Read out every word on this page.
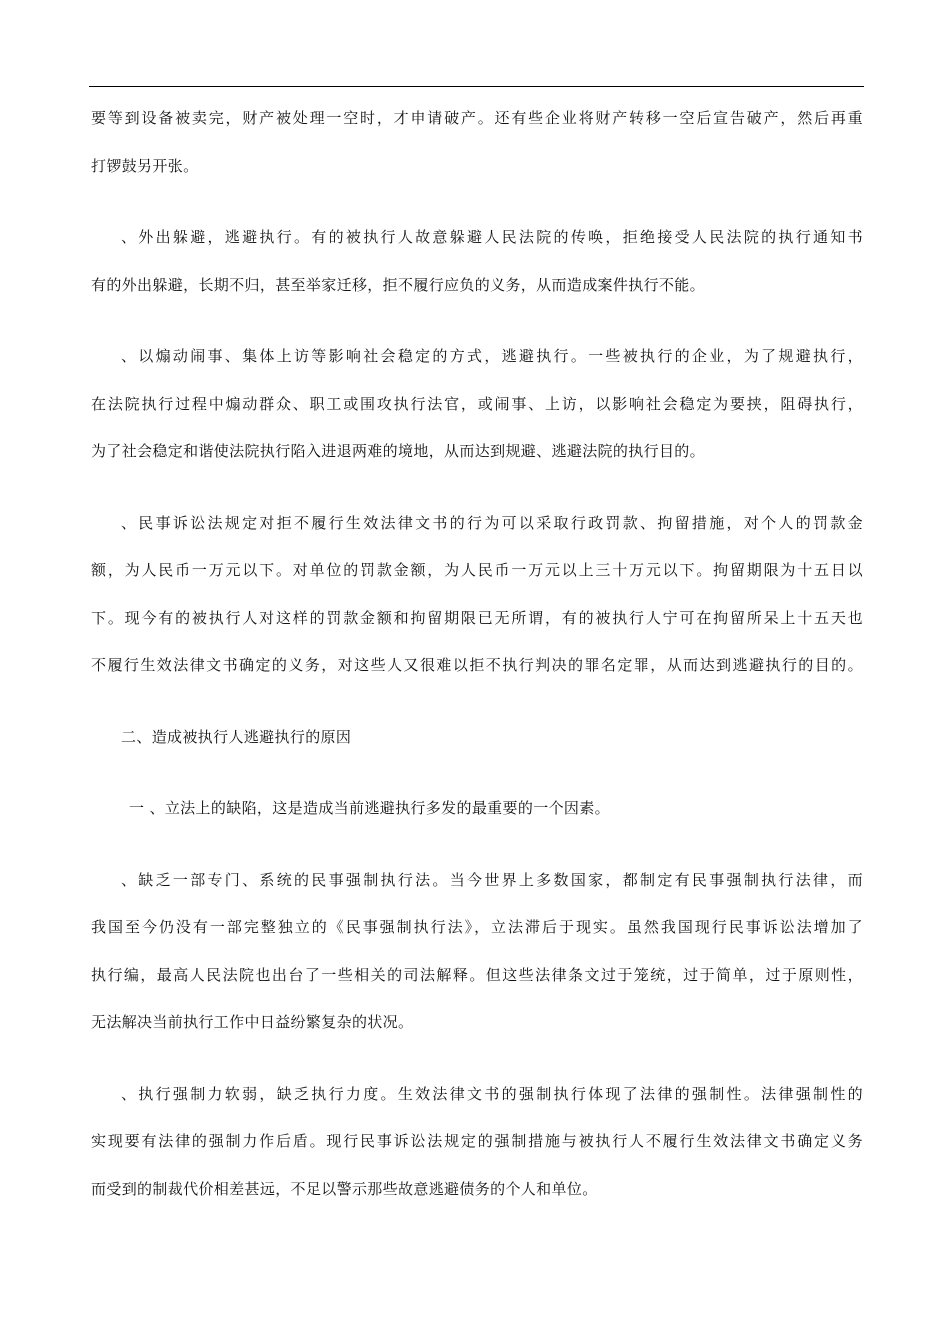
要等到设备被卖完，财产被处理一空时，才申请破产。还有些企业将财产转移一空后宣告破产，然后再重
打锣鼓另开张。
、外出躲避，逃避执行。有的被执行人故意躲避人民法院的传唤，拒绝接受人民法院的执行通知书
有的外出躲避，长期不归，甚至举家迁移，拒不履行应负的义务，从而造成案件执行不能。
、以煽动闹事、集体上访等影响社会稳定的方式，逃避执行。一些被执行的企业，为了规避执行，
在法院执行过程中煽动群众、职工或围攻执行法官，或闹事、上访，以影响社会稳定为要挟，阻碍执行，
为了社会稳定和谐使法院执行陷入进退两难的境地，从而达到规避、逃避法院的执行目的。
、民事诉讼法规定对拒不履行生效法律文书的行为可以采取行政罚款、拘留措施，对个人的罚款金
额，为人民币一万元以下。对单位的罚款金额，为人民币一万元以上三十万元以下。拘留期限为十五日以
下。现今有的被执行人对这样的罚款金额和拘留期限已无所谓，有的被执行人宁可在拘留所呆上十五天也
不履行生效法律文书确定的义务，对这些人又很难以拒不执行判决的罪名定罪，从而达到逃避执行的目的。
二、造成被执行人逃避执行的原因
一 、立法上的缺陷，这是造成当前逃避执行多发的最重要的一个因素。
、缺乏一部专门、系统的民事强制执行法。当今世界上多数国家，都制定有民事强制执行法律，而
我国至今仍没有一部完整独立的《民事强制执行法》，立法滞后于现实。虽然我国现行民事诉讼法增加了
执行编，最高人民法院也出台了一些相关的司法解释。但这些法律条文过于笼统，过于简单，过于原则性，
无法解决当前执行工作中日益纷繁复杂的状况。
、执行强制力软弱，缺乏执行力度。生效法律文书的强制执行体现了法律的强制性。法律强制性的
实现要有法律的强制力作后盾。现行民事诉讼法规定的强制措施与被执行人不履行生效法律文书确定义务
而受到的制裁代价相差甚远，不足以警示那些故意逃避债务的个人和单位。
